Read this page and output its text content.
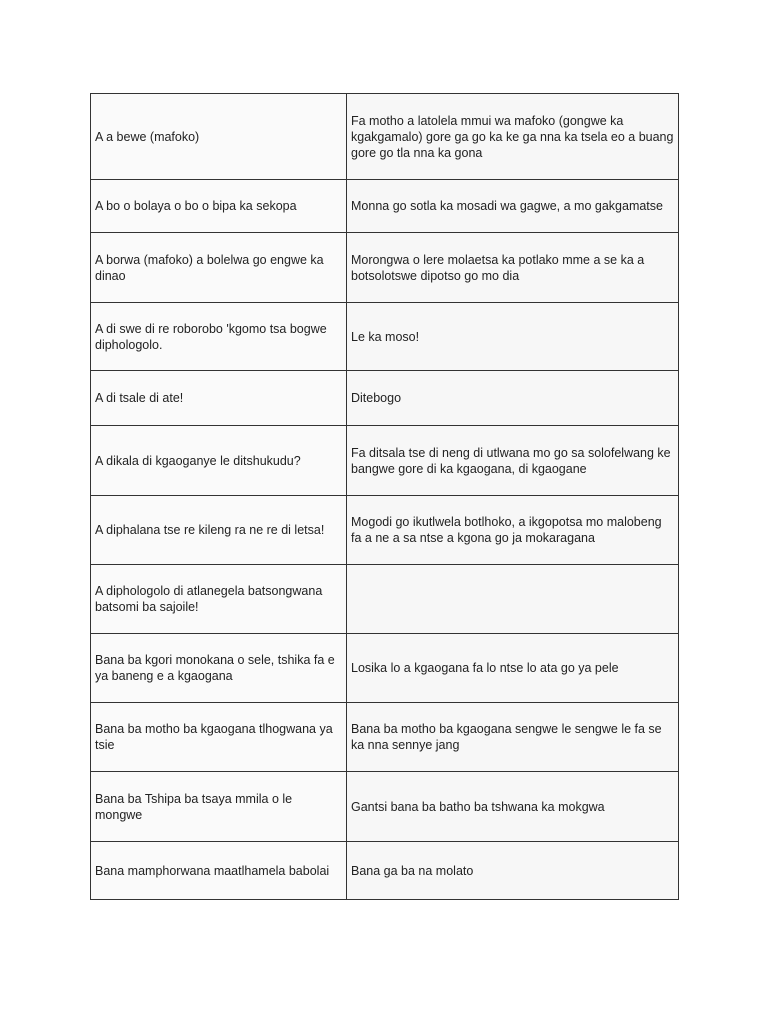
A a bewe (mafoko)	Fa motho a latolela mmui wa mafoko (gongwe ka kgakgamalo) gore ga go ka ke ga nna ka tsela eo a buang gore go tla nna ka gona
A bo o bolaya o bo o bipa ka sekopa	Monna go sotla ka mosadi wa gagwe, a mo gakgamatse
A borwa (mafoko) a bolelwa go engwe ka dinao	Morongwa o lere molaetsa ka potlako mme a se ka a botsolotswe dipotso go mo dia
A di swe di re roborobo 'kgomo tsa bogwe diphologolo.	Le ka moso!
A di tsale di ate!	Ditebogo
A dikala di kgaoganye le ditshukudu?	Fa ditsala tse di neng di utlwana mo go sa solofelwang ke bangwe gore di ka kgaogana, di kgaogane
A diphalana tse re kileng ra ne re di letsa!	Mogodi go ikutlwela botlhoko, a ikgopotsa mo malobeng fa a ne a sa ntse a kgona go ja mokaragana
A diphologolo di atlanegela batsongwana batsomi ba sajoile!	
Bana ba kgori monokana o sele, tshika fa e ya baneng e a kgaogana	Losika lo a kgaogana fa lo ntse lo ata go ya pele
Bana ba motho ba kgaogana tlhogwana ya tsie	Bana ba motho ba kgaogana sengwe le sengwe le fa se ka nna sennye jang
Bana ba Tshipa ba tsaya mmila o le mongwe	Gantsi bana ba batho ba tshwana ka mokgwa
Bana mamphorwana maatlhamela babolai	Bana ga ba na molato
